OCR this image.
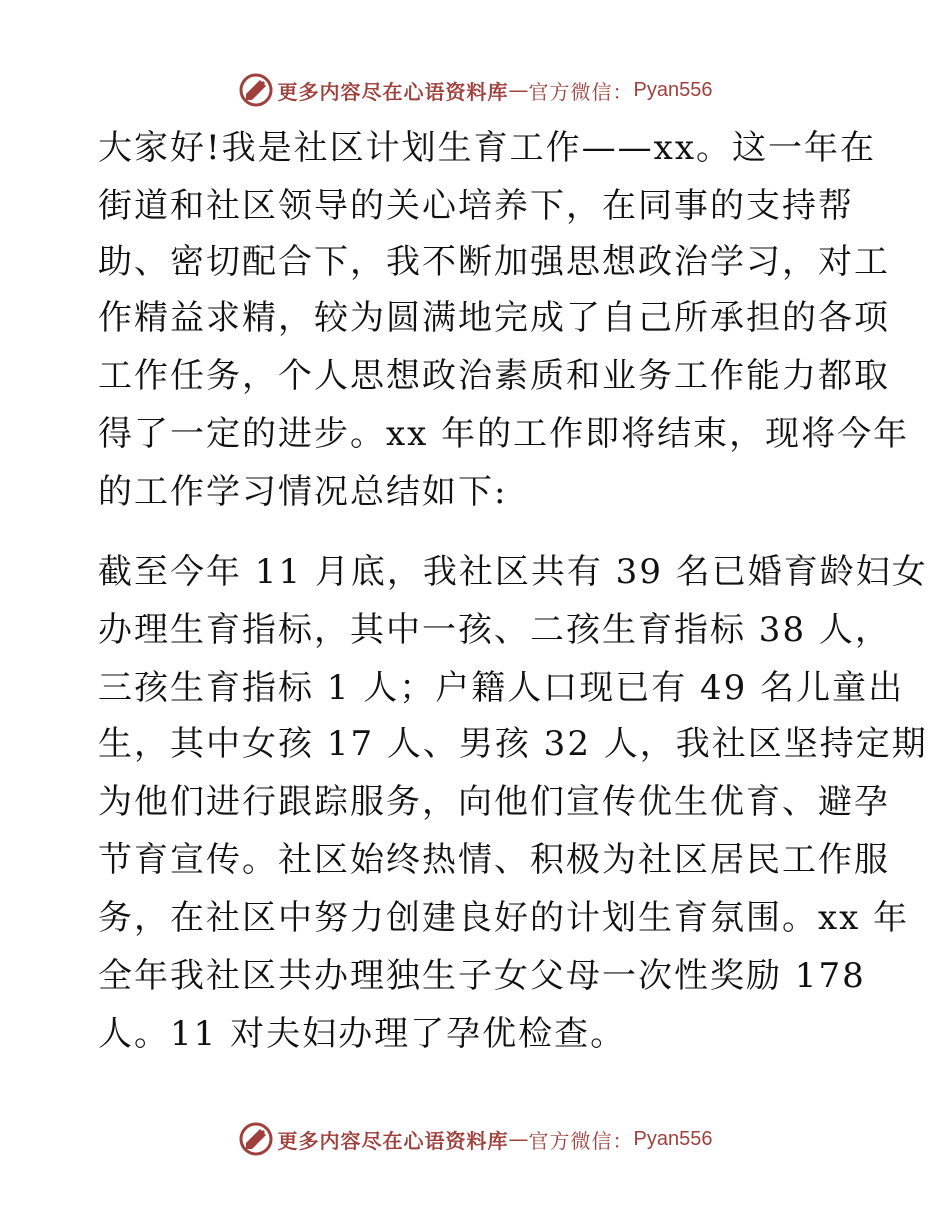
更多内容尽在心语资料库 — 官方微信： Pyan556
大家好!我是社区计划生育工作——xx。这一年在
街道和社区领导的关心培养下，在同事的支持帮
助、密切配合下，我不断加强思想政治学习，对工
作精益求精，较为圆满地完成了自己所承担的各项
工作任务，个人思想政治素质和业务工作能力都取
得了一定的进步。xx 年的工作即将结束，现将今年
的工作学习情况总结如下:
截至今年 11 月底，我社区共有 39 名已婚育龄妇女
办理生育指标，其中一孩、二孩生育指标 38 人，
三孩生育指标 1 人；户籍人口现已有 49 名儿童出
生，其中女孩 17 人、男孩 32 人，我社区坚持定期
为他们进行跟踪服务，向他们宣传优生优育、避孕
节育宣传。社区始终热情、积极为社区居民工作服
务，在社区中努力创建良好的计划生育氛围。xx 年
全年我社区共办理独生子女父母一次性奖励 178
人。11 对夫妇办理了孕优检查。
更多内容尽在心语资料库 — 官方微信： Pyan556
